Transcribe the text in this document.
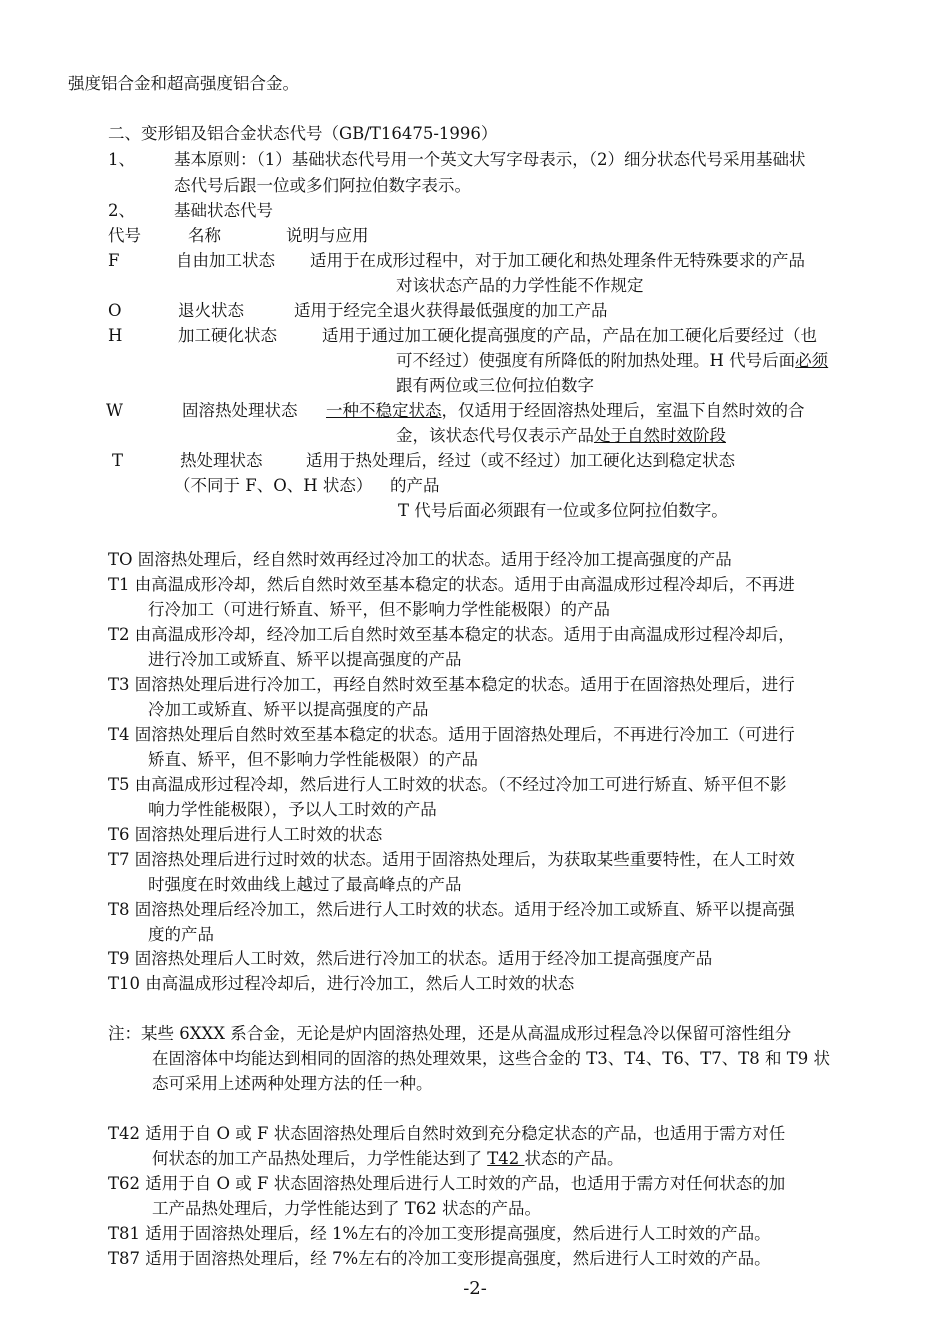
强度铝合金和超高强度铝合金。
二、变形铝及铝合金状态代号（GB/T16475-1996）
1、 基本原则：（1）基础状态代号用一个英文大写字母表示，（2）细分状态代号采用基础状
态代号后跟一位或多们阿拉伯数字表示。
2、 基础状态代号
代号	名称	说明与应用
F	自由加工状态 适用于在成形过程中，对于加工硬化和热处理条件无特殊要求的产品
对该状态产品的力学性能不作规定
O	退火状态	适用于经完全退火获得最低强度的加工产品
H	加工硬化状态	适用于通过加工硬化提高强度的产品，产品在加工硬化后要经过（也
可不经过）使强度有所降低的附加热处理。H 代号后面必须
跟有两位或三位何拉伯数字
W	固溶热处理状态 一种不稳定状态，仅适用于经固溶热处理后，室温下自然时效的合
金，该状态代号仅表示产品处于自然时效阶段
T	热处理状态	适用于热处理后，经过（或不经过）加工硬化达到稳定状态
（不同于 F、O、H 状态） 的产品
T 代号后面必须跟有一位或多位阿拉伯数字。
TO 固溶热处理后，经自然时效再经过冷加工的状态。适用于经冷加工提高强度的产品
T1 由高温成形冷却，然后自然时效至基本稳定的状态。适用于由高温成形过程冷却后，不再进
行冷加工（可进行矫直、矫平，但不影响力学性能极限）的产品
T2 由高温成形冷却，经冷加工后自然时效至基本稳定的状态。适用于由高温成形过程冷却后，
进行冷加工或矫直、矫平以提高强度的产品
T3 固溶热处理后进行冷加工，再经自然时效至基本稳定的状态。适用于在固溶热处理后，进行
冷加工或矫直、矫平以提高强度的产品
T4 固溶热处理后自然时效至基本稳定的状态。适用于固溶热处理后，不再进行冷加工（可进行
矫直、矫平，但不影响力学性能极限）的产品
T5 由高温成形过程冷却，然后进行人工时效的状态。（不经过冷加工可进行矫直、矫平但不影
响力学性能极限），予以人工时效的产品
T6 固溶热处理后进行人工时效的状态
T7 固溶热处理后进行过时效的状态。适用于固溶热处理后，为获取某些重要特性，在人工时效
时强度在时效曲线上越过了最高峰点的产品
T8 固溶热处理后经冷加工，然后进行人工时效的状态。适用于经冷加工或矫直、矫平以提高强
度的产品
T9 固溶热处理后人工时效，然后进行冷加工的状态。适用于经冷加工提高强度产品
T10 由高温成形过程冷却后，进行冷加工，然后人工时效的状态
注：某些 6XXX 系合金，无论是炉内固溶热处理，还是从高温成形过程急冷以保留可溶性组分
在固溶体中均能达到相同的固溶的热处理效果，这些合金的 T3、T4、T6、T7、T8 和 T9 状
态可采用上述两种处理方法的任一种。
T42 适用于自 O 或 F 状态固溶热处理后自然时效到充分稳定状态的产品，也适用于需方对任
何状态的加工产品热处理后，力学性能达到了 T42 状态的产品。
T62 适用于自 O 或 F 状态固溶热处理后进行人工时效的产品，也适用于需方对任何状态的加
工产品热处理后，力学性能达到了 T62 状态的产品。
T81 适用于固溶热处理后，经 1%左右的冷加工变形提高强度，然后进行人工时效的产品。
T87 适用于固溶热处理后，经 7%左右的冷加工变形提高强度，然后进行人工时效的产品。
-2-
